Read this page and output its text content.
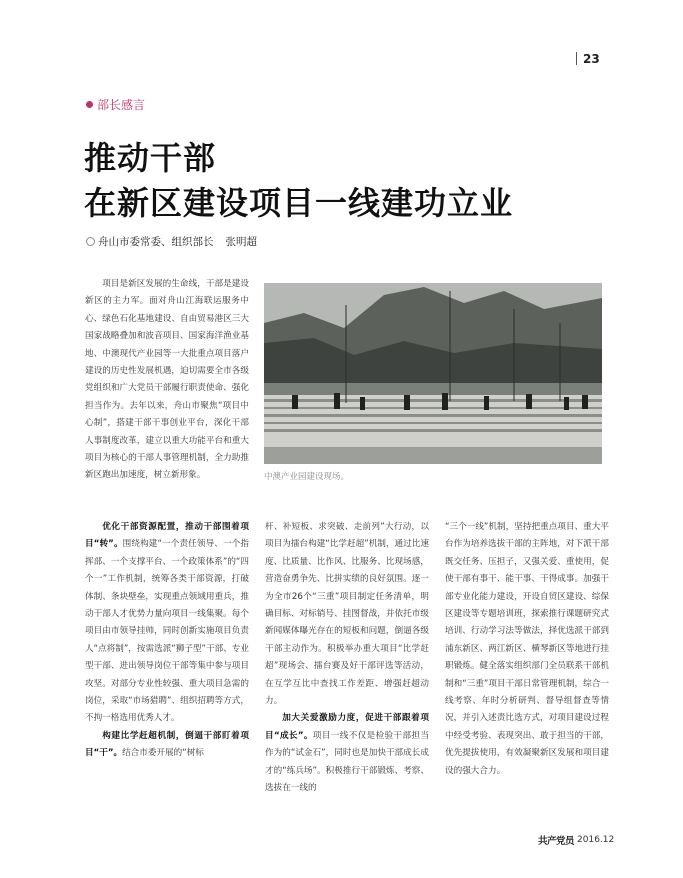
23
部长感言
推动干部
在新区建设项目一线建功立业
舟山市委常委、组织部长 张明超

项目是新区发展的生命线，干部是建设新区的主力军。面对舟山江海联运服务中心、绿色石化基地建设、自由贸易港区三大国家战略叠加和波音项目、国家海洋渔业基地、中澳现代产业园等一大批重点项目落户建设的历史性发展机遇，迫切需要全市各级党组织和广大党员干部履行职责使命、强化担当作为。去年以来，舟山市聚焦“项目中心制”，搭建干部干事创业平台，深化干部人事制度改革，建立以重大功能平台和重大项目为核心的干部人事管理机制，全力助推新区跑出加速度，树立新形象。	中澳产业园建设现场。

优化干部资源配置，推动干部围着项目“转”。围绕构建“一个责任领导、一个指挥部、一个支撑平台、一个政策体系”的“四个一”工作机制，统筹各类干部资源，打破体制、条块壁垒，实现重点领域用重兵，推动干部人才优势力量向项目一线集聚。每个项目由市领导挂帅，同时创新实施项目负责人“点将制”，按需选派“狮子型”干部、专业型干部、进出领导岗位干部等集中参与项目攻坚。对部分专业性较强、重大项目急需的岗位，采取“市场猎聘”、组织招聘等方式，不拘一格选用优秀人才。

构建比学赶超机制，倒逼干部盯着项目“干”。结合市委开展的“树标

杆、补短板、求突破、走前列”大行动，以项目为擂台构建“比学赶超”机制，通过比速度、比质量、比作风、比服务、比现场感，营造奋勇争先、比拼实绩的良好氛围。逐一为全市26个“三重”项目制定任务清单，明确目标、对标销号、挂图督战，并依托市级新闻媒体曝光存在的短板和问题，倒逼各级干部主动作为。积极举办重大项目“比学赶超”现场会、擂台赛及好干部评选等活动，在互学互比中查找工作差距、增强赶超动力。

加大关爱激励力度，促进干部跟着项目“成长”。项目一线不仅是检验干部担当作为的“试金石”，同时也是加快干部成长成才的“练兵场”。积极推行干部锻炼、考察、选拔在一线的

“三个一线”机制，坚持把重点项目、重大平台作为培养选拔干部的主阵地，对下派干部既交任务、压担子，又强关爱、重使用，促使干部有事干、能干事、干得成事。加强干部专业化能力建设，开设自贸区建设、综保区建设等专题培训班，探索推行课题研究式培训、行动学习法等做法，择优选派干部到浦东新区、两江新区、横琴新区等地进行挂职锻炼。健全落实组织部门全员联系干部机制和“三重”项目干部日常管理机制，综合一线考察、年时分析研判、督导组督查等情况，并引入述责比选方式，对项目建设过程中经受考验、表现突出、敢于担当的干部，优先提拔使用，有效凝聚新区发展和项目建设的强大合力。

共产党员 2016.12
